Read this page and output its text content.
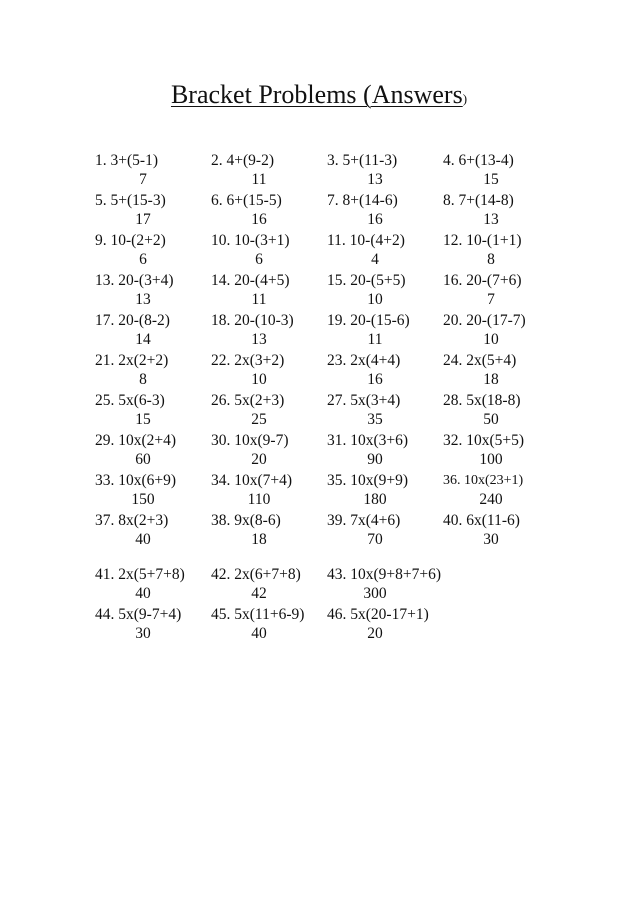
Bracket Problems (Answers)
1. 3+(5-1)
7
2. 4+(9-2)
11
3. 5+(11-3)
13
4. 6+(13-4)
15
5. 5+(15-3)
17
6. 6+(15-5)
16
7. 8+(14-6)
16
8. 7+(14-8)
13
9. 10-(2+2)
6
10. 10-(3+1)
6
11. 10-(4+2)
4
12. 10-(1+1)
8
13. 20-(3+4)
13
14. 20-(4+5)
11
15. 20-(5+5)
10
16. 20-(7+6)
7
17. 20-(8-2)
14
18. 20-(10-3)
13
19. 20-(15-6)
11
20. 20-(17-7)
10
21. 2x(2+2)
8
22. 2x(3+2)
10
23. 2x(4+4)
16
24. 2x(5+4)
18
25. 5x(6-3)
15
26. 5x(2+3)
25
27. 5x(3+4)
35
28. 5x(18-8)
50
29. 10x(2+4)
60
30. 10x(9-7)
20
31. 10x(3+6)
90
32. 10x(5+5)
100
33. 10x(6+9)
150
34. 10x(7+4)
110
35. 10x(9+9)
180
36. 10x(23+1)
240
37. 8x(2+3)
40
38. 9x(8-6)
18
39. 7x(4+6)
70
40. 6x(11-6)
30
41. 2x(5+7+8)
40
42. 2x(6+7+8)
42
43. 10x(9+8+7+6)
300
44. 5x(9-7+4)
30
45. 5x(11+6-9)
40
46. 5x(20-17+1)
20
